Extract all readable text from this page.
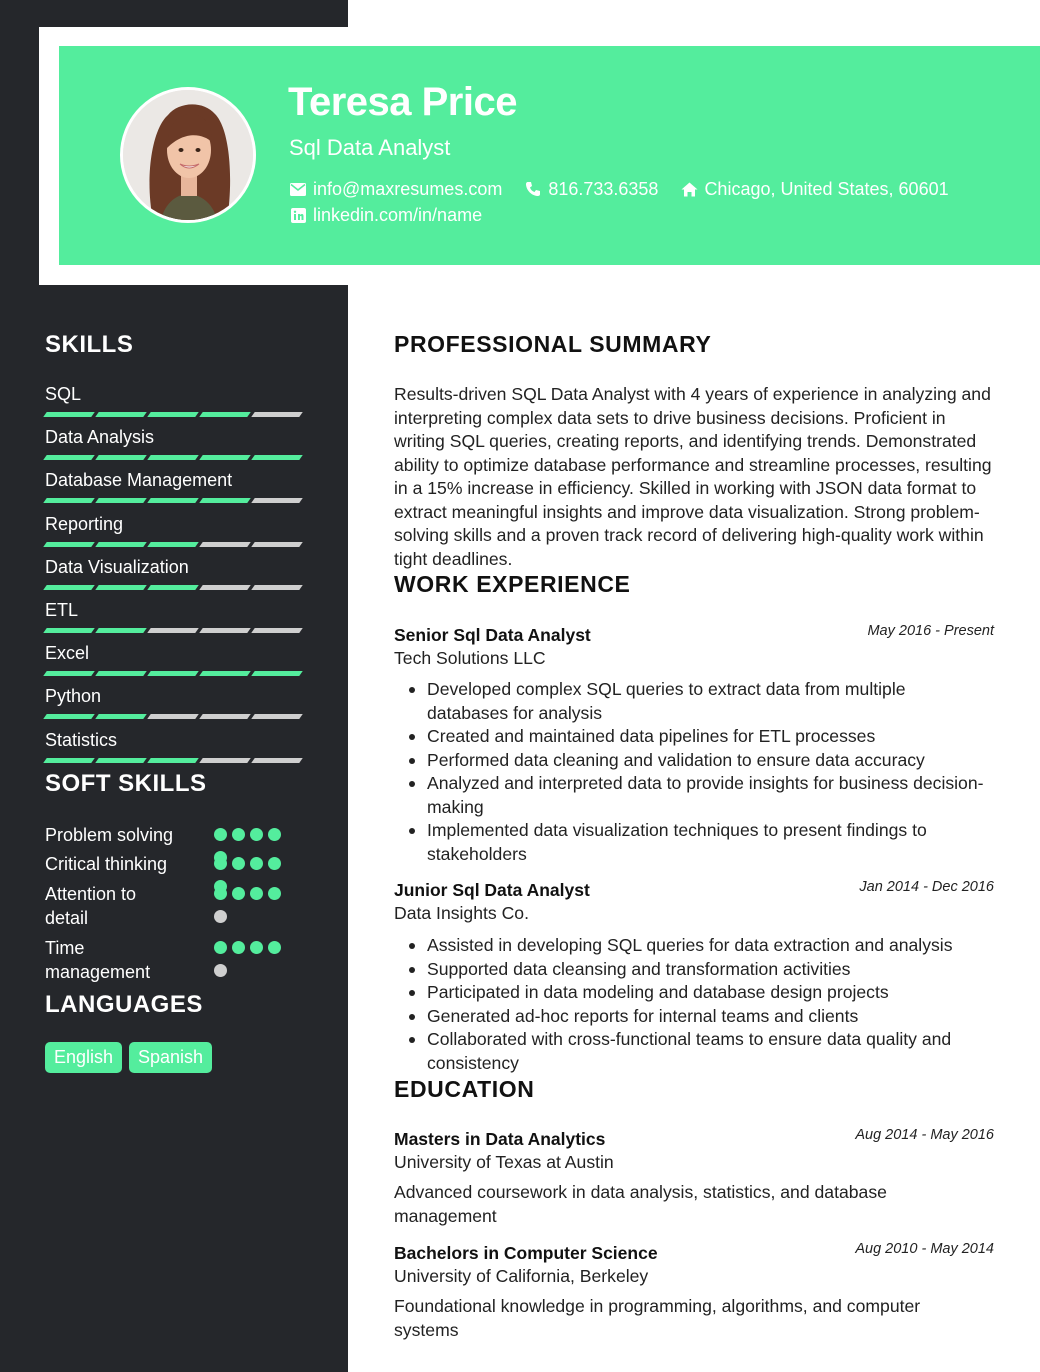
Teresa Price
Sql Data Analyst
info@maxresumes.com	816.733.6358	Chicago, United States, 60601
linkedin.com/in/name
SKILLS
SQL
Data Analysis
Database Management
Reporting
Data Visualization
ETL
Excel
Python
Statistics
SOFT SKILLS
Problem solving
Critical thinking
Attention to detail
Time management
LANGUAGES
English	Spanish
PROFESSIONAL SUMMARY
Results-driven SQL Data Analyst with 4 years of experience in analyzing and interpreting complex data sets to drive business decisions. Proficient in writing SQL queries, creating reports, and identifying trends. Demonstrated ability to optimize database performance and streamline processes, resulting in a 15% increase in efficiency. Skilled in working with JSON data format to extract meaningful insights and improve data visualization. Strong problem-solving skills and a proven track record of delivering high-quality work within tight deadlines.
WORK EXPERIENCE
Senior Sql Data Analyst	May 2016 - Present
Tech Solutions LLC
Developed complex SQL queries to extract data from multiple databases for analysis
Created and maintained data pipelines for ETL processes
Performed data cleaning and validation to ensure data accuracy
Analyzed and interpreted data to provide insights for business decision-making
Implemented data visualization techniques to present findings to stakeholders
Junior Sql Data Analyst	Jan 2014 - Dec 2016
Data Insights Co.
Assisted in developing SQL queries for data extraction and analysis
Supported data cleansing and transformation activities
Participated in data modeling and database design projects
Generated ad-hoc reports for internal teams and clients
Collaborated with cross-functional teams to ensure data quality and consistency
EDUCATION
Masters in Data Analytics	Aug 2014 - May 2016
University of Texas at Austin
Advanced coursework in data analysis, statistics, and database management
Bachelors in Computer Science	Aug 2010 - May 2014
University of California, Berkeley
Foundational knowledge in programming, algorithms, and computer systems
